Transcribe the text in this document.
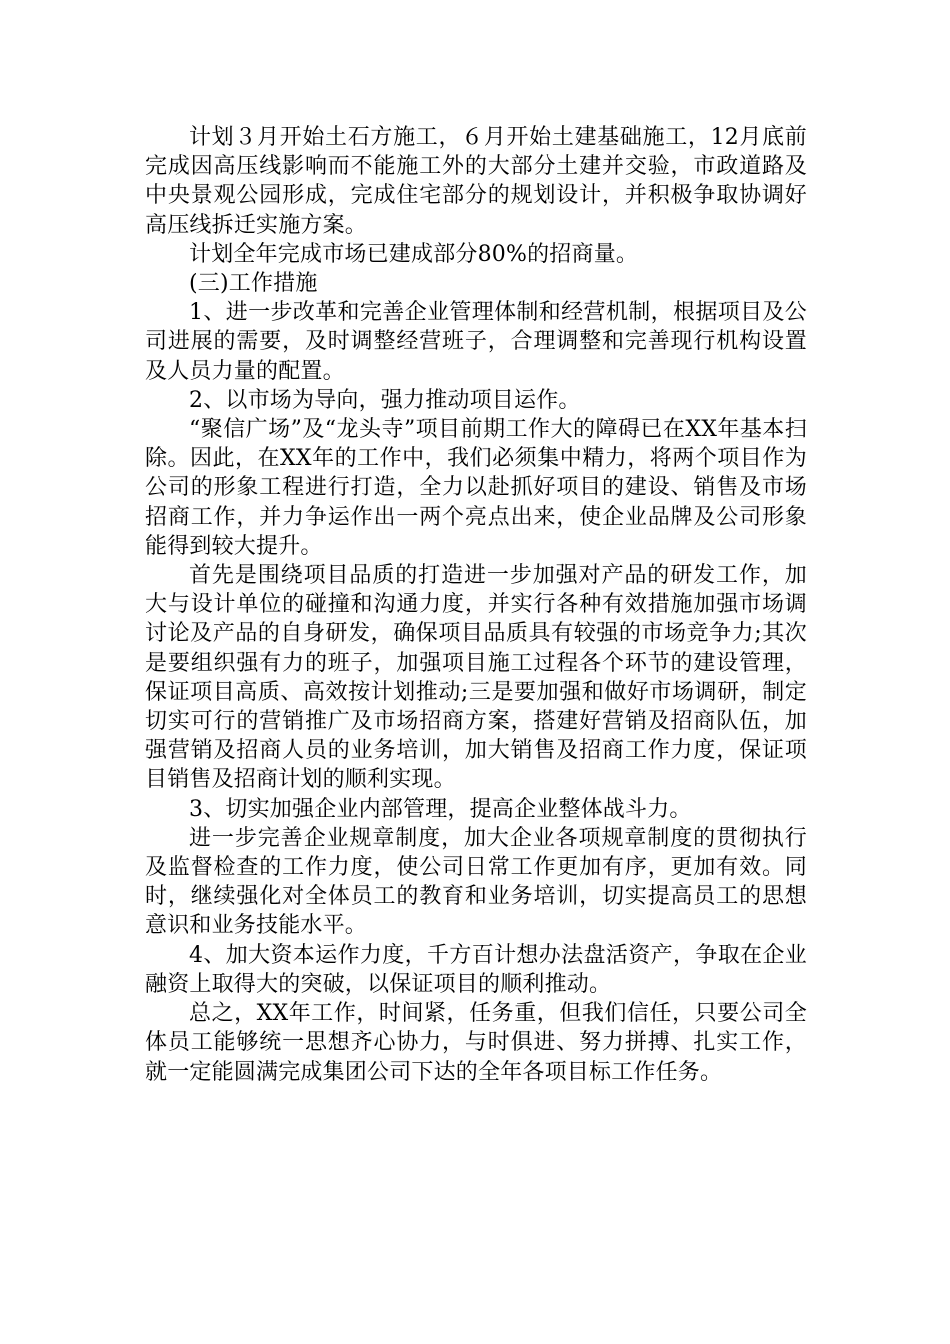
计划３月开始土石方施工，６月开始土建基础施工，12月底前完成因高压线影响而不能施工外的大部分土建并交验，市政道路及中央景观公园形成，完成住宅部分的规划设计，并积极争取协调好高压线拆迁实施方案。

计划全年完成市场已建成部分80%的招商量。

(三)工作措施

1、进一步改革和完善企业管理体制和经营机制，根据项目及公司进展的需要，及时调整经营班子，合理调整和完善现行机构设置及人员力量的配置。

2、以市场为导向，强力推动项目运作。

“聚信广场”及“龙头寺”项目前期工作大的障碍已在XX年基本扫除。因此，在XX年的工作中，我们必须集中精力，将两个项目作为公司的形象工程进行打造，全力以赴抓好项目的建设、销售及市场招商工作，并力争运作出一两个亮点出来，使企业品牌及公司形象能得到较大提升。

首先是围绕项目品质的打造进一步加强对产品的研发工作，加大与设计单位的碰撞和沟通力度，并实行各种有效措施加强市场调讨论及产品的自身研发，确保项目品质具有较强的市场竞争力;其次是要组织强有力的班子，加强项目施工过程各个环节的建设管理，保证项目高质、高效按计划推动;三是要加强和做好市场调研，制定切实可行的营销推广及市场招商方案，搭建好营销及招商队伍，加强营销及招商人员的业务培训，加大销售及招商工作力度，保证项目销售及招商计划的顺利实现。

3、切实加强企业内部管理，提高企业整体战斗力。

进一步完善企业规章制度，加大企业各项规章制度的贯彻执行及监督检查的工作力度，使公司日常工作更加有序，更加有效。同时，继续强化对全体员工的教育和业务培训，切实提高员工的思想意识和业务技能水平。

4、加大资本运作力度，千方百计想办法盘活资产，争取在企业融资上取得大的突破，以保证项目的顺利推动。

总之，XX年工作，时间紧，任务重，但我们信任，只要公司全体员工能够统一思想齐心协力，与时俱进、努力拼搏、扎实工作，就一定能圆满完成集团公司下达的全年各项目标工作任务。
